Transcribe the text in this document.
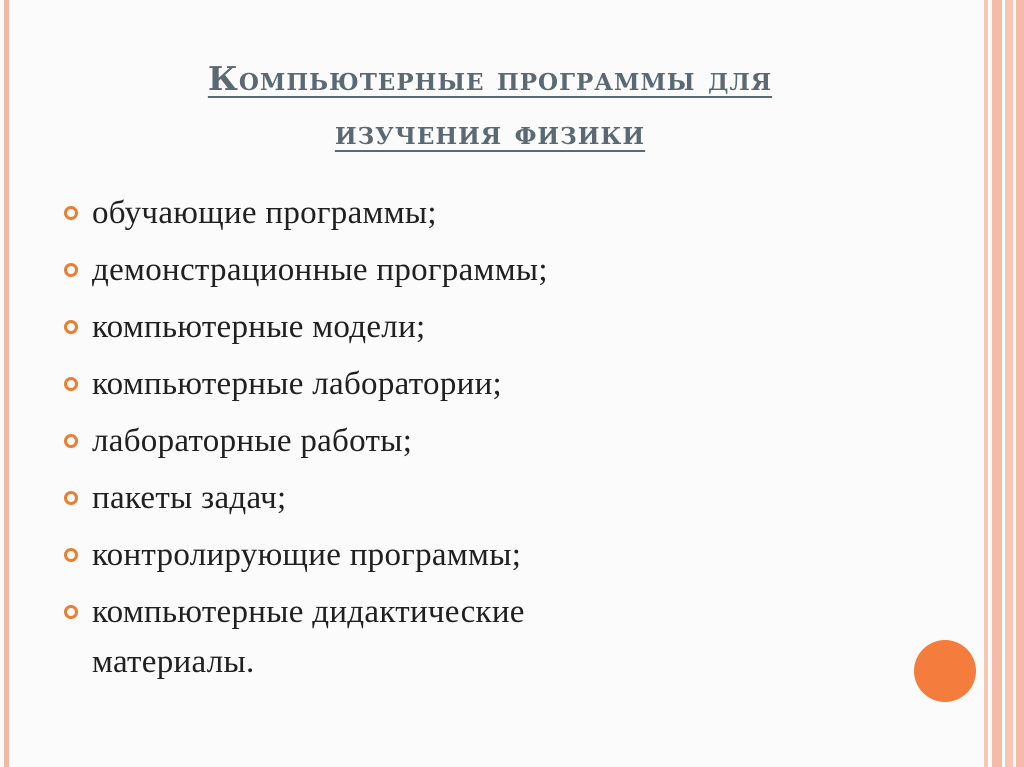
Компьютерные программы для
изучения физики
обучающие программы;
демонстрационные программы;
компьютерные модели;
компьютерные лаборатории;
лабораторные работы;
пакеты задач;
контролирующие программы;
компьютерные дидактические материалы.
